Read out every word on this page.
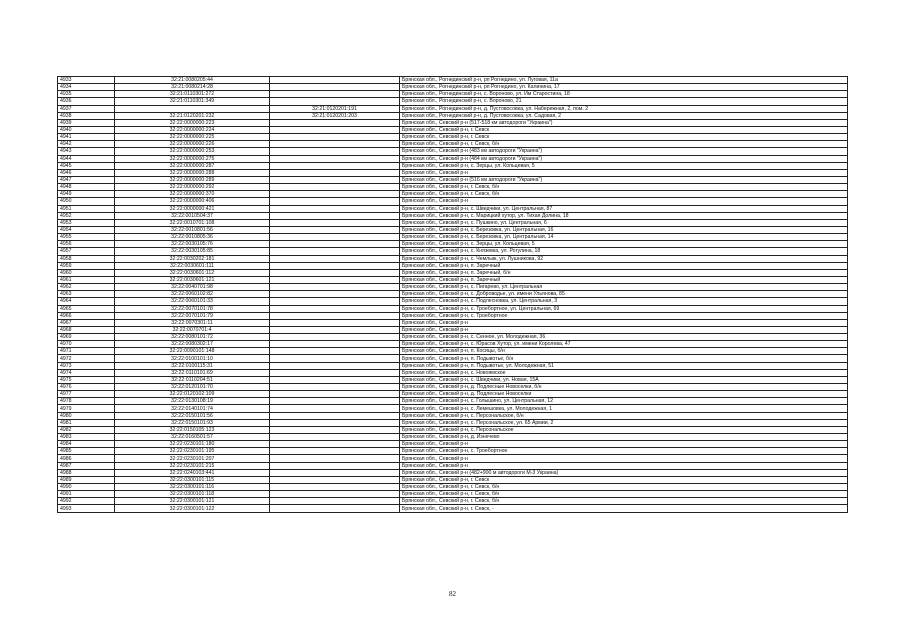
4933	32:21:0080205:44		Брянская обл., Рогнединский р-н, рп Рогнедино, ул. Луговая, 11а
4934	32:21:0080214:28		Брянская обл., Рогнединский р-н, рп Рогнедино, ул. Калинина, 17
4935	32:21:0110301:272		Брянская обл., Рогнединский р-н, с. Вороново, ул. Им Старостина, 18
4936	32:21:0110301:349		Брянская обл., Рогнединский р-н, с. Вороново, 21
4937		32:21:0120201:191	Брянская обл., Рогнединский р-н, д. Пустовосовка, ул. Набережная, 2, пом. 2
4938	32:21:0120201:232	32:21:0120201:203	Брянская обл., Рогнединский р-н, д. Пустовосовка, ул. Садовая, 2
4939	32:22:0000000:223		Брянская обл., Севский р-н (517-518 км автодороги "Украина")
4940	32:22:0000000:224		Брянская обл., Севский р-н, г. Севск
4941	32:22:0000000:225		Брянская обл., Севский р-н, г. Севск
4942	32:22:0000000:226		Брянская обл., Севский р-н, г. Севск, б/н
4943	32:22:0000000:253		Брянская обл., Севский р-н (483 км автодороги "Украина")
4944	32:22:0000000:275		Брянская обл., Севский р-н (484 км автодороги "Украина")
4945	32:22:0000000:287		Брянская обл., Севский р-н, с. Зерцы, ул. Кольцевая, 5
4946	32:22:0000000:288		Брянская обл., Севский р-н
4947	32:22:0000000:289		Брянская обл., Севский р-н (516 км автодороги "Украина")
4948	32:22:0000000:292		Брянская обл., Севский р-н, г. Севск, б/н
4949	32:22:0000000:370		Брянская обл., Севский р-н, г. Севск, б/н
4950	32:22:0000000:406		Брянская обл., Севский р-н
4951	32:22:0000000:421		Брянская обл., Севский р-н, с. Шведчики, ул. Центральная, 87
4952	32:22:0010504:37		Брянская обл., Севский р-н, с. Марицкий хутор, ул. Тихая Долина, 18
4953	32:22:0010701:108		Брянская обл., Севский р-н, с. Пушкино, ул. Центральная, 6
4954	32:22:0010801:56		Брянская обл., Севский р-н, с. Березовка, ул. Центральная, 16
4955	32:22:0010805:36		Брянская обл., Севский р-н, с. Березовка, ул. Центральная, 14
4956	32:22:0030105:76		Брянская обл., Севский р-н, с. Зерцы, ул. Кольцевая, 5
4957	32:22:0030105:85		Брянская обл., Севский р-н, с. Князевка, ул. Рогулина, 18
4958	32:22:0030202:181		Брянская обл., Севский р-н, с. Чемлыж, ул. Лушникова, 92
4959	32:22:0030601:111		Брянская обл., Севский р-н, п. Заречный
4960	32:22:0030601:112		Брянская обл., Севский р-н, п. Заречный, б/н
4961	32:22:0030601:121		Брянская обл., Севский р-н, п. Заречный
4962	32:22:0040701:98		Брянская обл., Севский р-н, с. Пигарево, ул. Центральная
4963	32:22:0060102:82		Брянская обл., Севский р-н, с. Доброводье, ул. имени Ульянова, 85
4964	32:22:0060101:33		Брянская обл., Севский р-н, с. Подлесновка, ул. Центральная, 3
4965	32:22:0070101:78		Брянская обл., Севский р-н, с. Троебортное, ул. Центральная, 69
4966	32:22:0070101:79		Брянская обл., Севский р-н, с. Троебортное
4967	32:22:0070301:11		Брянская обл., Севский р-н
4968	32:22:0070701:4		Брянская обл., Севский р-н
4969	32:22:0080101:72		Брянская обл., Севский р-н, с. Сенное, ул. Молодежная, 36
4970	32:22:0080302:17		Брянская обл., Севский р-н, с. Юрасов Хутор, ул. имени Королева, 47
4971	32:22:0090101:148		Брянская обл., Севский р-н, п. Косицы, б/н
4972	32:22:0100101:10		Брянская обл., Севский р-н, п. Подывотье, б/н
4973	32:22:0100115:31		Брянская обл., Севский р-н, п. Подывотье, ул. Молодежная, 51
4974	32:22:0110101:69		Брянская обл., Севский р-н, с. Новоямское
4975	32:22:0110204:51		Брянская обл., Севский р-н, с. Шведчики, ул. Новая, 15А
4976	32:22:0120101:70		Брянская обл., Севский р-н, д. Подлесные Новоселки, б/н
4977	32:22:0120102:109		Брянская обл., Севский р-н, д. Подлесные Новоселки
4978	32:22:0130108:19		Брянская обл., Севский р-н, с. Голышино, ул. Центральная, 12
4979	32:22:0140101:74		Брянская обл., Севский р-н, с. Лемешовка, ул. Молодежная, 1
4980	32:22:0150101:56		Брянская обл., Севский р-н, с. Персональское, б/н
4981	32:22:0150101:93		Брянская обл., Севский р-н, с. Персональское, ул. 65 Армии, 2
4982	32:22:0150105:123		Брянская обл., Севский р-н, с. Персональское
4983	32:22:0160501:57		Брянская обл., Севский р-н, д. Изнечево
4984	32:22:0230101:180		Брянская обл., Севский р-н
4985	32:22:0230101:195		Брянская обл., Севский р-н, с. Троебортное
4986	32:22:0230101:207		Брянская обл., Севский р-н
4987	32:22:0230101:215		Брянская обл., Севский р-н
4988	32:22:0240103:441		Брянская обл., Севский р-н (482+900 м автодороги М-3 Украина)
4989	32:22:0300101:115		Брянская обл., Севский р-н, г. Севск
4990	32:22:0300101:116		Брянская обл., Севский р-н, г. Севск, б/н
4991	32:22:0300101:118		Брянская обл., Севский р-н, г. Севск, б/н
4992	32:22:0300101:121		Брянская обл., Севский р-н, г. Севск, б/н
4993	32:22:0300101:122		Брянская обл., Севский р-н, г. Севск, -
82
